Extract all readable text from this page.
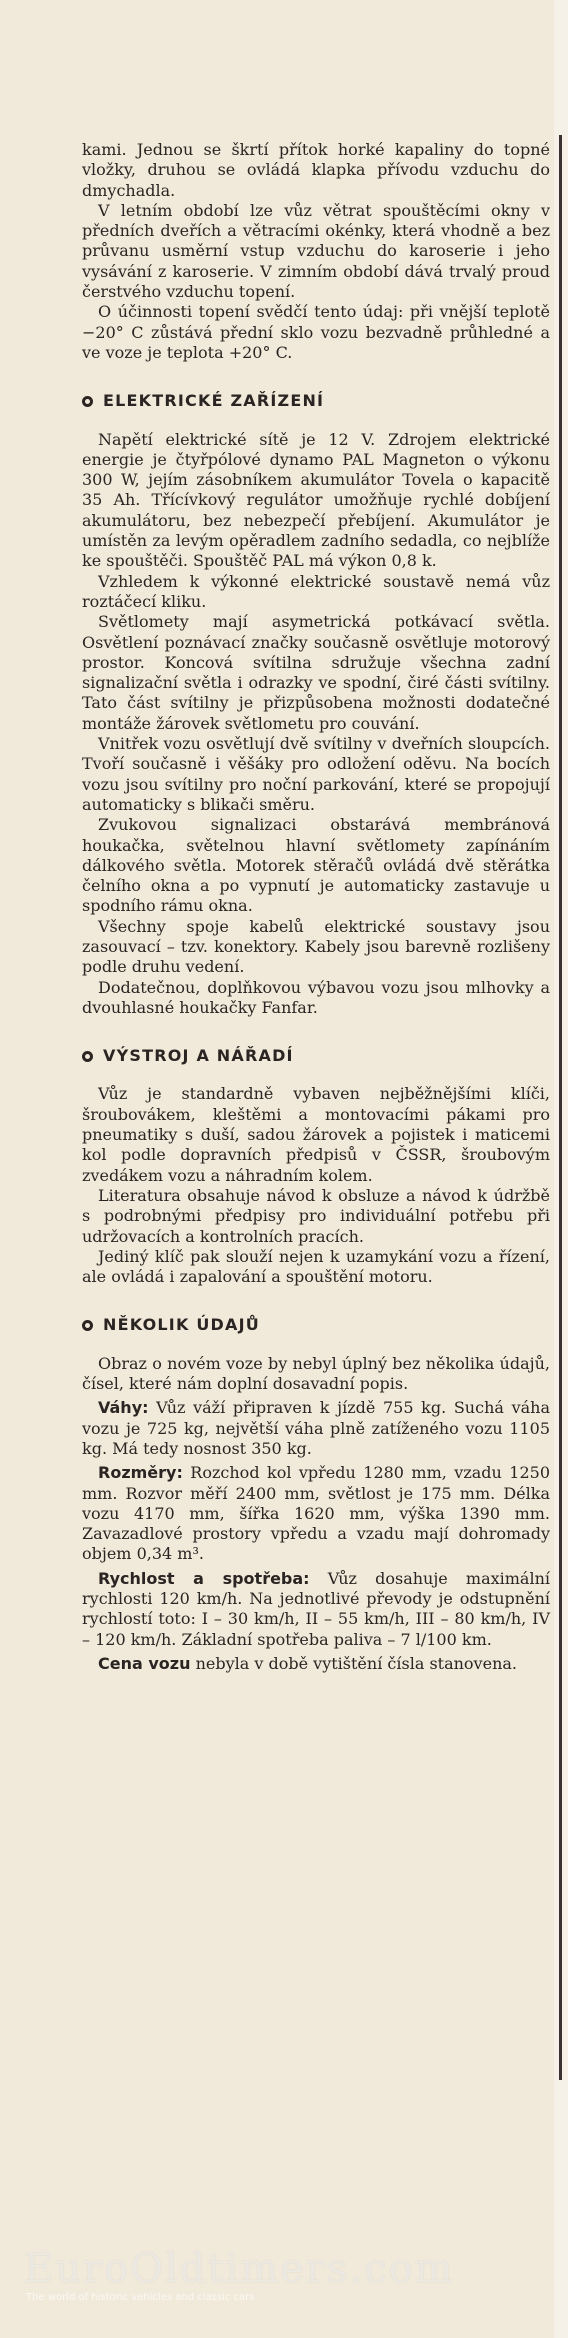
kami. Jednou se škrtí přítok horké kapaliny do topné vložky, druhou se ovládá klapka přívodu vzduchu do dmychadla.

V letním období lze vůz větrat spouštěcími okny v předních dveřích a větracími okénky, která vhodně a bez průvanu usměrní vstup vzduchu do karoserie i jeho vysávání z karoserie. V zimním období dává trvalý proud čerstvého vzduchu topení.

O účinnosti topení svědčí tento údaj: při vnější teplotě −20° C zůstává přední sklo vozu bezvadně průhledné a ve voze je teplota +20° C.

ELEKTRICKÉ ZAŘÍZENÍ

Napětí elektrické sítě je 12 V. Zdrojem elektrické energie je čtyřpólové dynamo PAL Magneton o výkonu 300 W, jejím zásobníkem akumulátor Tovela o kapacitě 35 Ah. Třícívkový regulátor umožňuje rychlé dobíjení akumulátoru, bez nebezpečí přebíjení. Akumulátor je umístěn za levým opěradlem zadního sedadla, co nejblíže ke spouštěči. Spouštěč PAL má výkon 0,8 k.

Vzhledem k výkonné elektrické soustavě nemá vůz roztáčecí kliku.

Světlomety mají asymetrická potkávací světla. Osvětlení poznávací značky současně osvětluje motorový prostor. Koncová svítilna sdružuje všechna zadní signalizační světla i odrazky ve spodní, čiré části svítilny. Tato část svítilny je přizpůsobena možnosti dodatečné montáže žárovek světlometu pro couvání.

Vnitřek vozu osvětlují dvě svítilny v dveřních sloupcích. Tvoří současně i věšáky pro odložení oděvu. Na bocích vozu jsou svítilny pro noční parkování, které se propojují automaticky s blikači směru.

Zvukovou signalizaci obstarává membránová houkačka, světelnou hlavní světlomety zapínáním dálkového světla. Motorek stěračů ovládá dvě stěrátka čelního okna a po vypnutí je automaticky zastavuje u spodního rámu okna.

Všechny spoje kabelů elektrické soustavy jsou zasouvací – tzv. konektory. Kabely jsou barevně rozlišeny podle druhu vedení.

Dodatečnou, doplňkovou výbavou vozu jsou mlhovky a dvouhlasné houkačky Fanfar.

VÝSTROJ A NÁŘADÍ

Vůz je standardně vybaven nejběžnějšími klíči, šroubovákem, kleštěmi a montovacími pákami pro pneumatiky s duší, sadou žárovek a pojistek i maticemi kol podle dopravních předpisů v ČSSR, šroubovým zvedákem vozu a náhradním kolem.

Literatura obsahuje návod k obsluze a návod k údržbě s podrobnými předpisy pro individuální potřebu při udržovacích a kontrolních pracích.

Jediný klíč pak slouží nejen k uzamykání vozu a řízení, ale ovládá i zapalování a spouštění motoru.

NĚKOLIK ÚDAJŮ

Obraz o novém voze by nebyl úplný bez několika údajů, čísel, které nám doplní dosavadní popis.

Váhy: Vůz váží připraven k jízdě 755 kg. Suchá váha vozu je 725 kg, největší váha plně zatíženého vozu 1105 kg. Má tedy nosnost 350 kg.

Rozměry: Rozchod kol vpředu 1280 mm, vzadu 1250 mm. Rozvor měří 2400 mm, světlost je 175 mm. Délka vozu 4170 mm, šířka 1620 mm, výška 1390 mm. Zavazadlové prostory vpředu a vzadu mají dohromady objem 0,34 m³.

Rychlost a spotřeba: Vůz dosahuje maximální rychlosti 120 km/h. Na jednotlivé převody je odstupnění rychlostí toto: I – 30 km/h, II – 55 km/h, III – 80 km/h, IV – 120 km/h. Základní spotřeba paliva – 7 l/100 km.

Cena vozu nebyla v době vytištění čísla stanovena.

EuroOldtimers.com
The world of historic vehicles and classic cars
